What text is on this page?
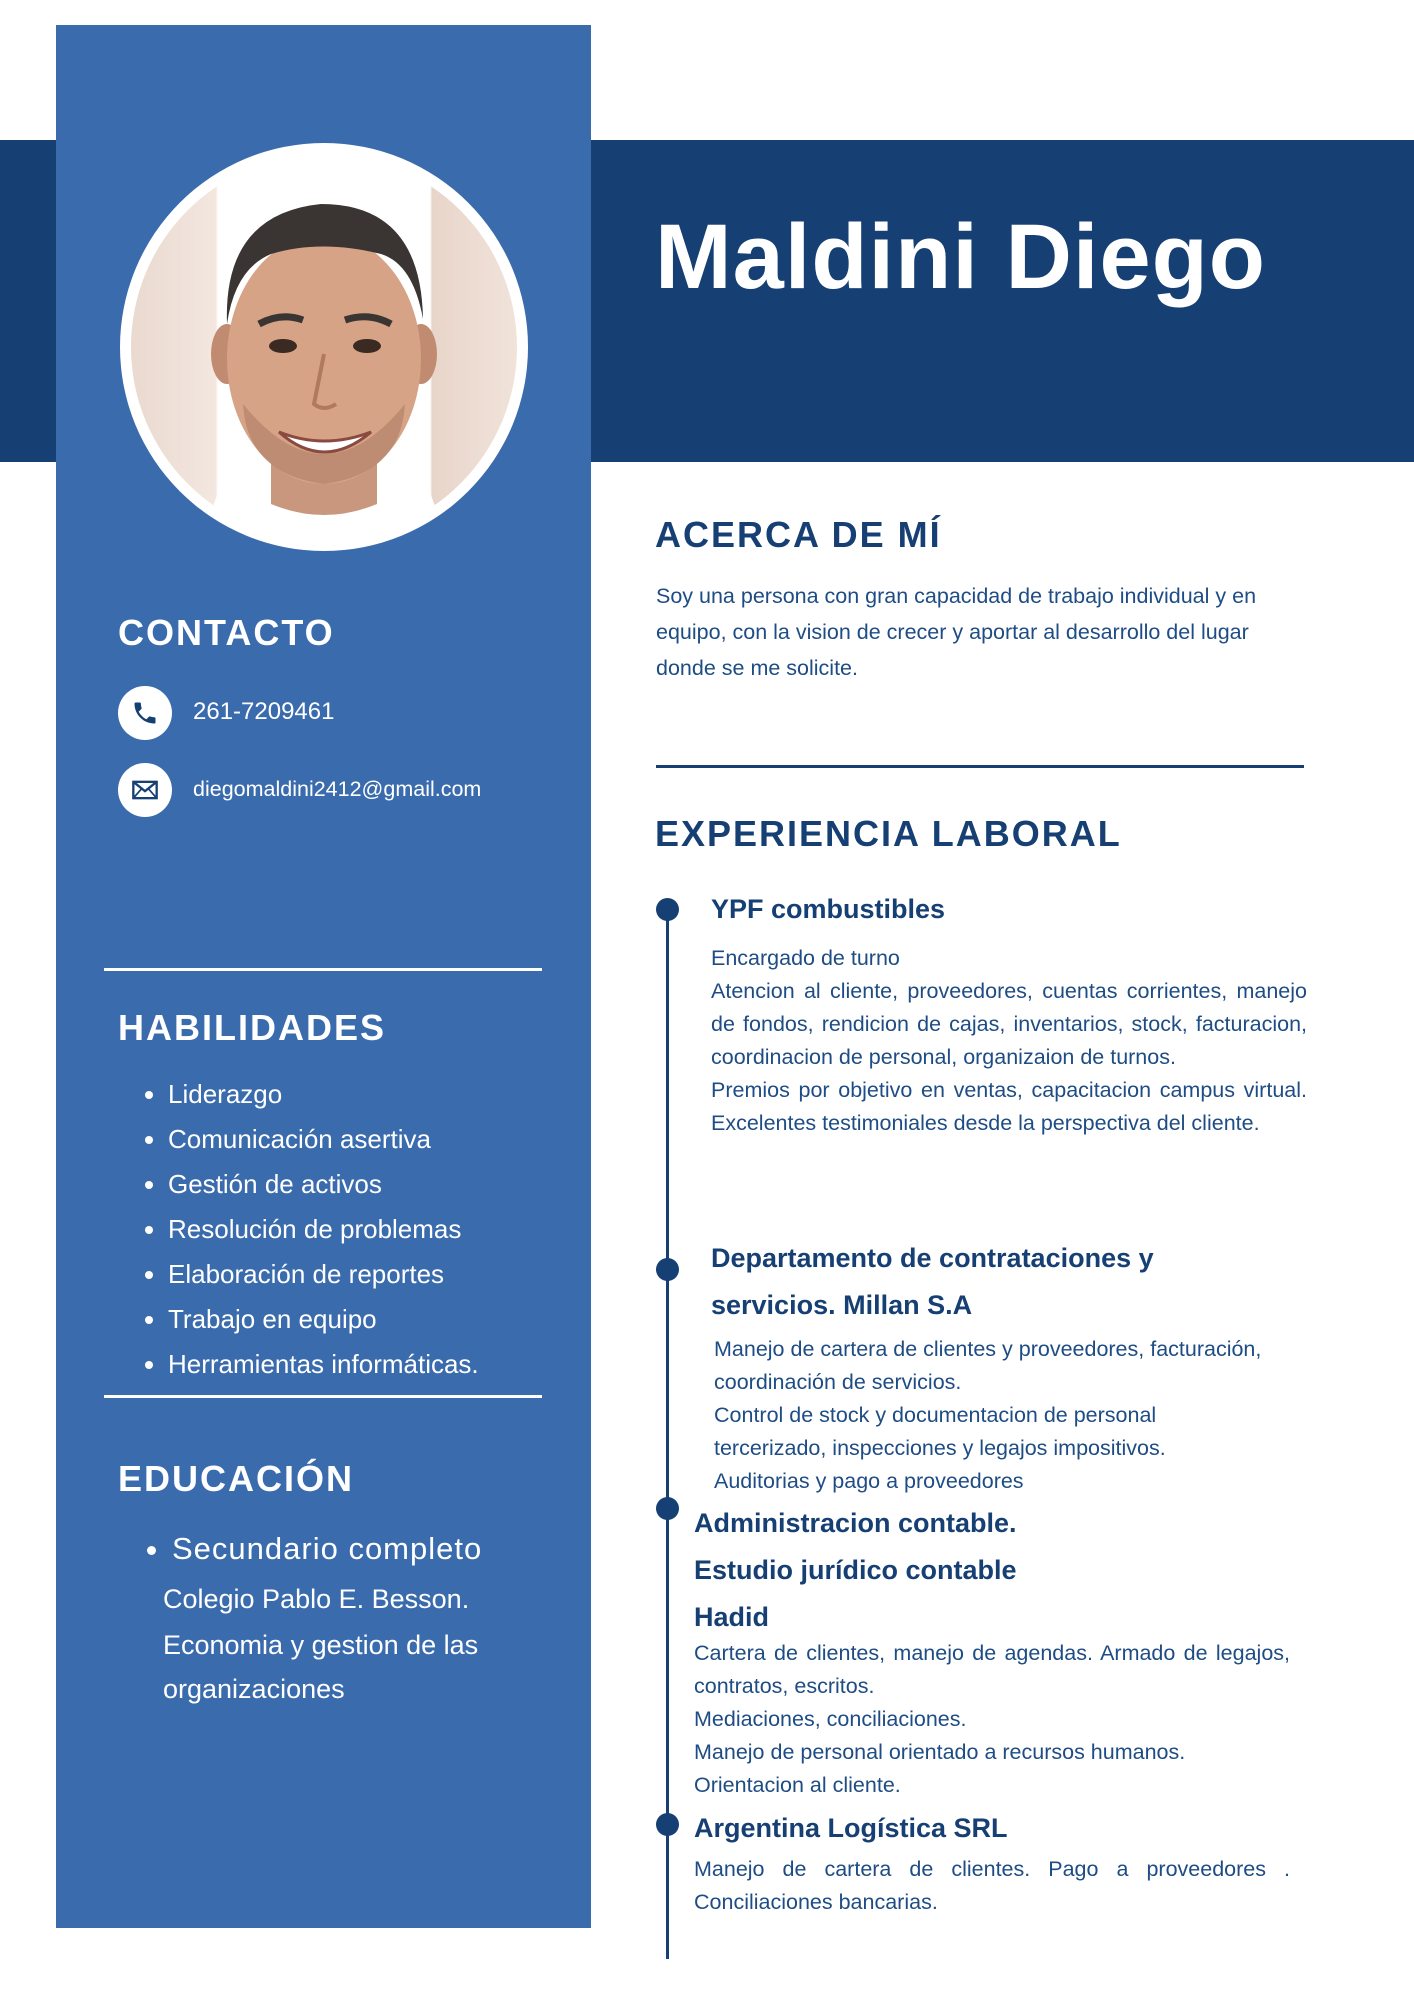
Maldini Diego
CONTACTO
261-7209461
diegomaldini2412@gmail.com
HABILIDADES
• Liderazgo
• Comunicación asertiva
• Gestión de activos
• Resolución de problemas
• Elaboración de reportes
• Trabajo en equipo
• Herramientas informáticas.
EDUCACIÓN
• Secundario completo
Colegio Pablo E. Besson.
Economia y gestion de las
organizaciones
ACERCA DE MÍ

Soy una persona con gran capacidad de trabajo individual y en equipo, con la vision de crecer y aportar al desarrollo del lugar donde se me solicite.

EXPERIENCIA LABORAL
YPF combustibles

Encargado de turno

Atencion al cliente, proveedores, cuentas corrientes, manejo de fondos, rendicion de cajas, inventarios, stock, facturacion, coordinacion de personal, organizaion de turnos.

Premios por objetivo en ventas, capacitacion campus virtual. Excelentes testimoniales desde la perspectiva del cliente.

Departamento de contrataciones y
servicios. Millan S.A

Manejo de cartera de clientes y proveedores, facturación, coordinación de servicios.

Control de stock y documentacion de personal tercerizado, inspecciones y legajos impositivos.

Auditorias y pago a proveedores

Administracion contable.
Estudio jurídico contable
Hadid

Cartera de clientes, manejo de agendas. Armado de legajos, contratos, escritos.

Mediaciones, conciliaciones.

Manejo de personal orientado a recursos humanos.

Orientacion al cliente.

Argentina Logística SRL

Manejo de cartera de clientes. Pago a proveedores . Conciliaciones bancarias.
